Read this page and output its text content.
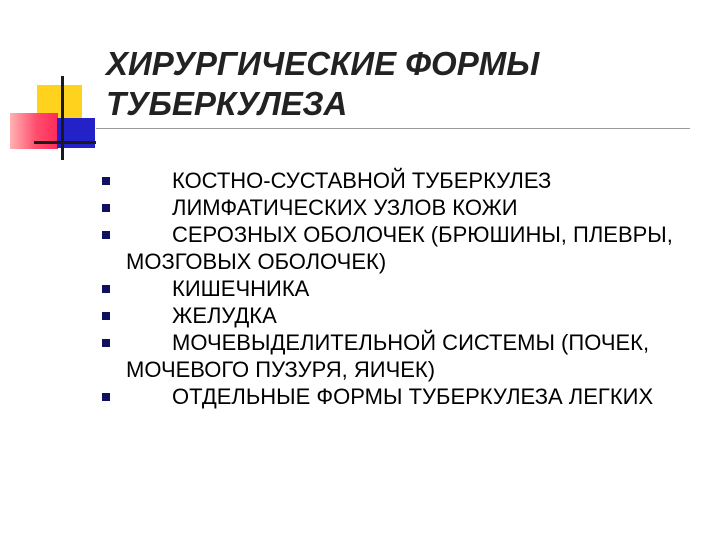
ХИРУРГИЧЕСКИЕ ФОРМЫ
ТУБЕРКУЛЕЗА
КОСТНО-СУСТАВНОЙ ТУБЕРКУЛЕЗ
ЛИМФАТИЧЕСКИХ УЗЛОВ КОЖИ
СЕРОЗНЫХ ОБОЛОЧЕК (БРЮШИНЫ, ПЛЕВРЫ, МОЗГОВЫХ ОБОЛОЧЕК)
КИШЕЧНИКА
ЖЕЛУДКА
МОЧЕВЫДЕЛИТЕЛЬНОЙ СИСТЕМЫ (ПОЧЕК, МОЧЕВОГО ПУЗУРЯ, ЯИЧЕК)
ОТДЕЛЬНЫЕ ФОРМЫ ТУБЕРКУЛЕЗА ЛЕГКИХ
